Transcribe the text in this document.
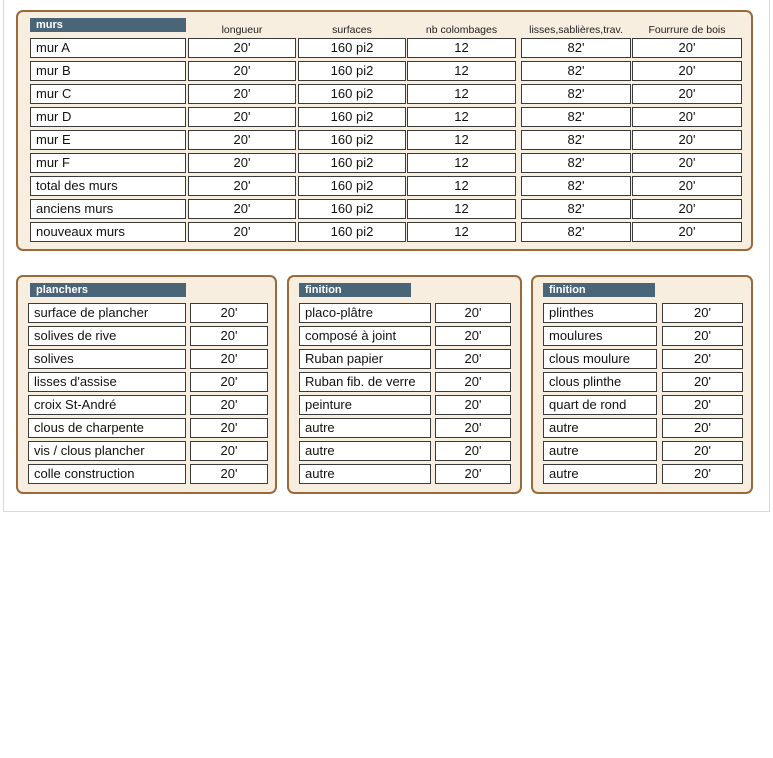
murs	longueur	surfaces	nb colombages	lisses,sablières,trav.	Fourrure de bois
mur A	20'	160 pi2	12	82'	20'
mur B	20'	160 pi2	12	82'	20'
mur C	20'	160 pi2	12	82'	20'
mur D	20'	160 pi2	12	82'	20'
mur E	20'	160 pi2	12	82'	20'
mur F	20'	160 pi2	12	82'	20'
total des murs	20'	160 pi2	12	82'	20'
anciens murs	20'	160 pi2	12	82'	20'
nouveaux murs	20'	160 pi2	12	82'	20'
planchers
surface de plancher	20'
solives de rive	20'
solives	20'
lisses d'assise	20'
croix St-André	20'
clous de charpente	20'
vis / clous plancher	20'
colle construction	20'
finition
placo-plâtre	20'
composé à joint	20'
Ruban papier	20'
Ruban fib. de verre	20'
peinture	20'
autre	20'
autre	20'
autre	20'
finition
plinthes	20'
moulures	20'
clous moulure	20'
clous plinthe	20'
quart de rond	20'
autre	20'
autre	20'
autre	20'
